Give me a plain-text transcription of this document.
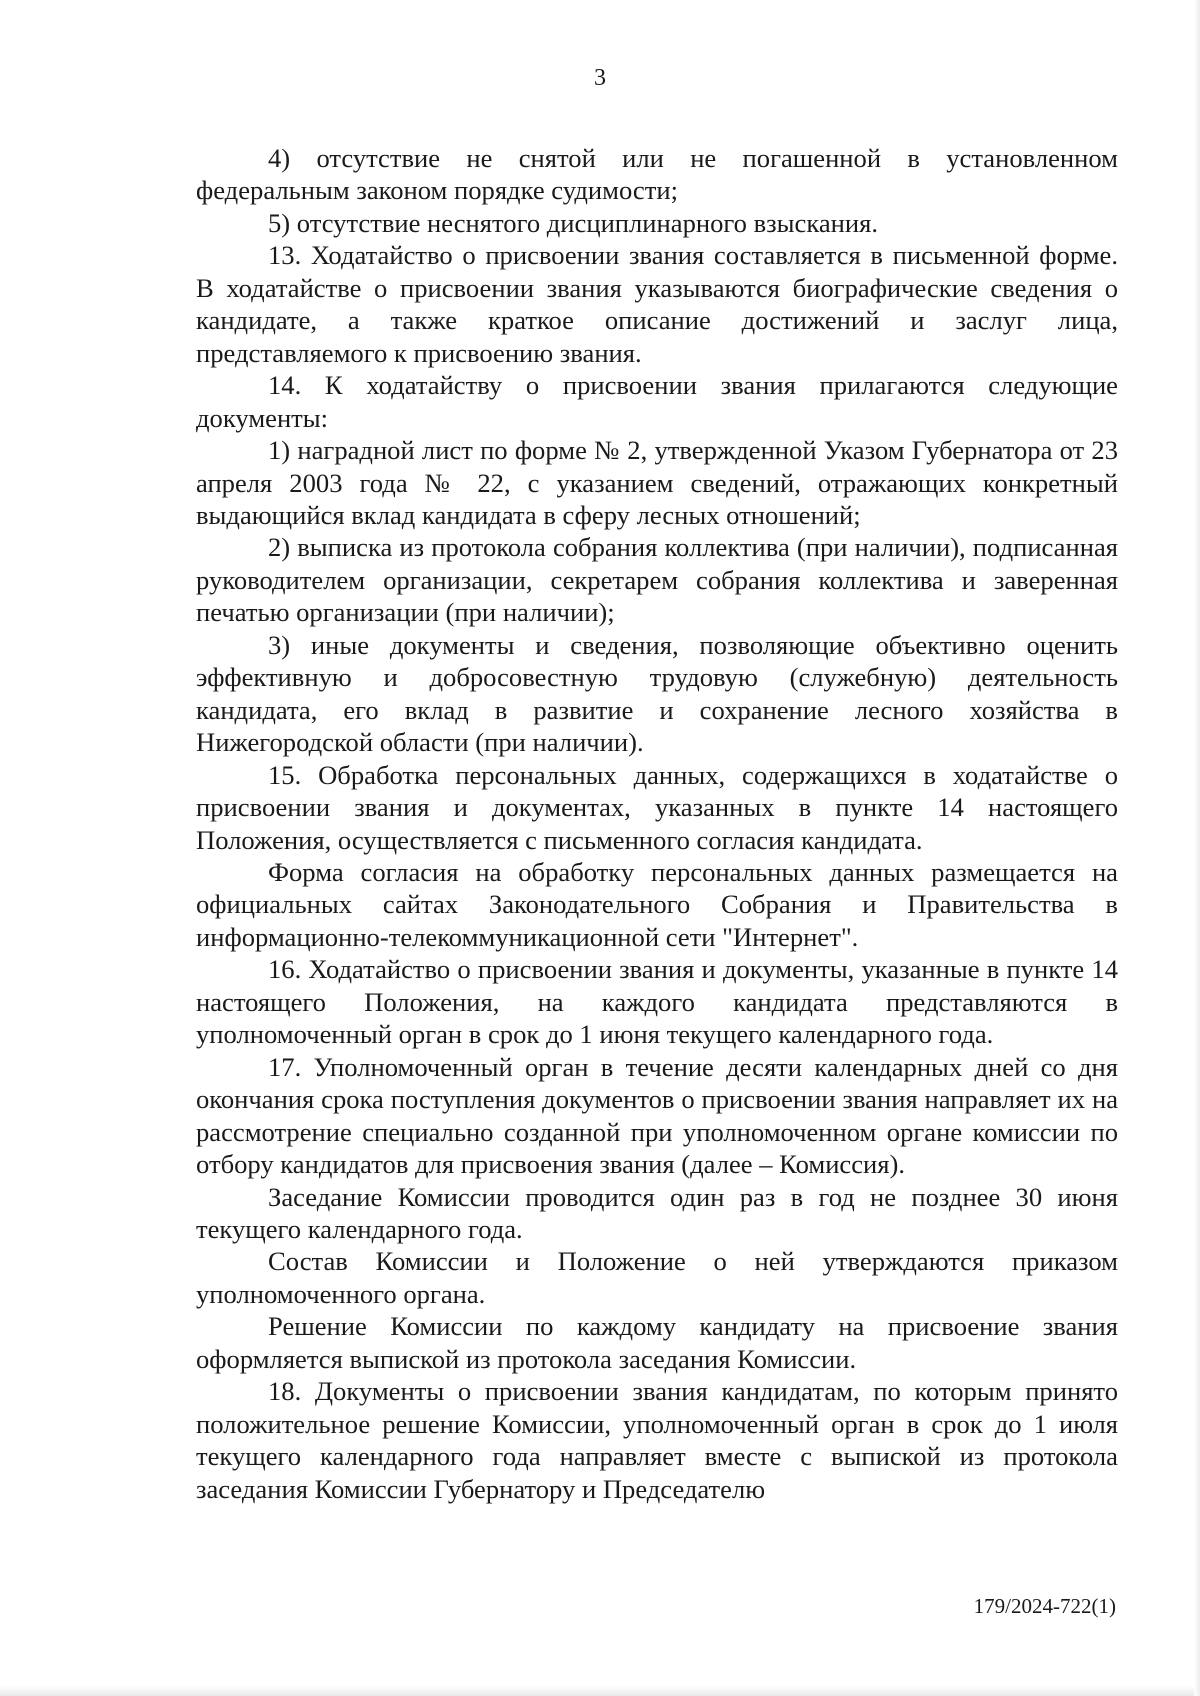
3

4) отсутствие не снятой или не погашенной в установленном федеральным законом порядке судимости;

5) отсутствие неснятого дисциплинарного взыскания.

13. Ходатайство о присвоении звания составляется в письменной форме. В ходатайстве о присвоении звания указываются биографические сведения о кандидате, а также краткое описание достижений и заслуг лица, представляемого к присвоению звания.

14. К ходатайству о присвоении звания прилагаются следующие документы:

1) наградной лист по форме № 2, утвержденной Указом Губернатора от 23 апреля 2003 года № 22, с указанием сведений, отражающих конкретный выдающийся вклад кандидата в сферу лесных отношений;

2) выписка из протокола собрания коллектива (при наличии), подписанная руководителем организации, секретарем собрания коллектива и заверенная печатью организации (при наличии);

3) иные документы и сведения, позволяющие объективно оценить эффективную и добросовестную трудовую (служебную) деятельность кандидата, его вклад в развитие и сохранение лесного хозяйства в Нижегородской области (при наличии).

15. Обработка персональных данных, содержащихся в ходатайстве о присвоении звания и документах, указанных в пункте 14 настоящего Положения, осуществляется с письменного согласия кандидата.

Форма согласия на обработку персональных данных размещается на официальных сайтах Законодательного Собрания и Правительства в информационно-телекоммуникационной сети "Интернет".

16. Ходатайство о присвоении звания и документы, указанные в пункте 14 настоящего Положения, на каждого кандидата представляются в уполномоченный орган в срок до 1 июня текущего календарного года.

17. Уполномоченный орган в течение десяти календарных дней со дня окончания срока поступления документов о присвоении звания направляет их на рассмотрение специально созданной при уполномоченном органе комиссии по отбору кандидатов для присвоения звания (далее – Комиссия).

Заседание Комиссии проводится один раз в год не позднее 30 июня текущего календарного года.

Состав Комиссии и Положение о ней утверждаются приказом уполномоченного органа.

Решение Комиссии по каждому кандидату на присвоение звания оформляется выпиской из протокола заседания Комиссии.

18. Документы о присвоении звания кандидатам, по которым принято положительное решение Комиссии, уполномоченный орган в срок до 1 июля текущего календарного года направляет вместе с выпиской из протокола заседания Комиссии Губернатору и Председателю

179/2024-722(1)
